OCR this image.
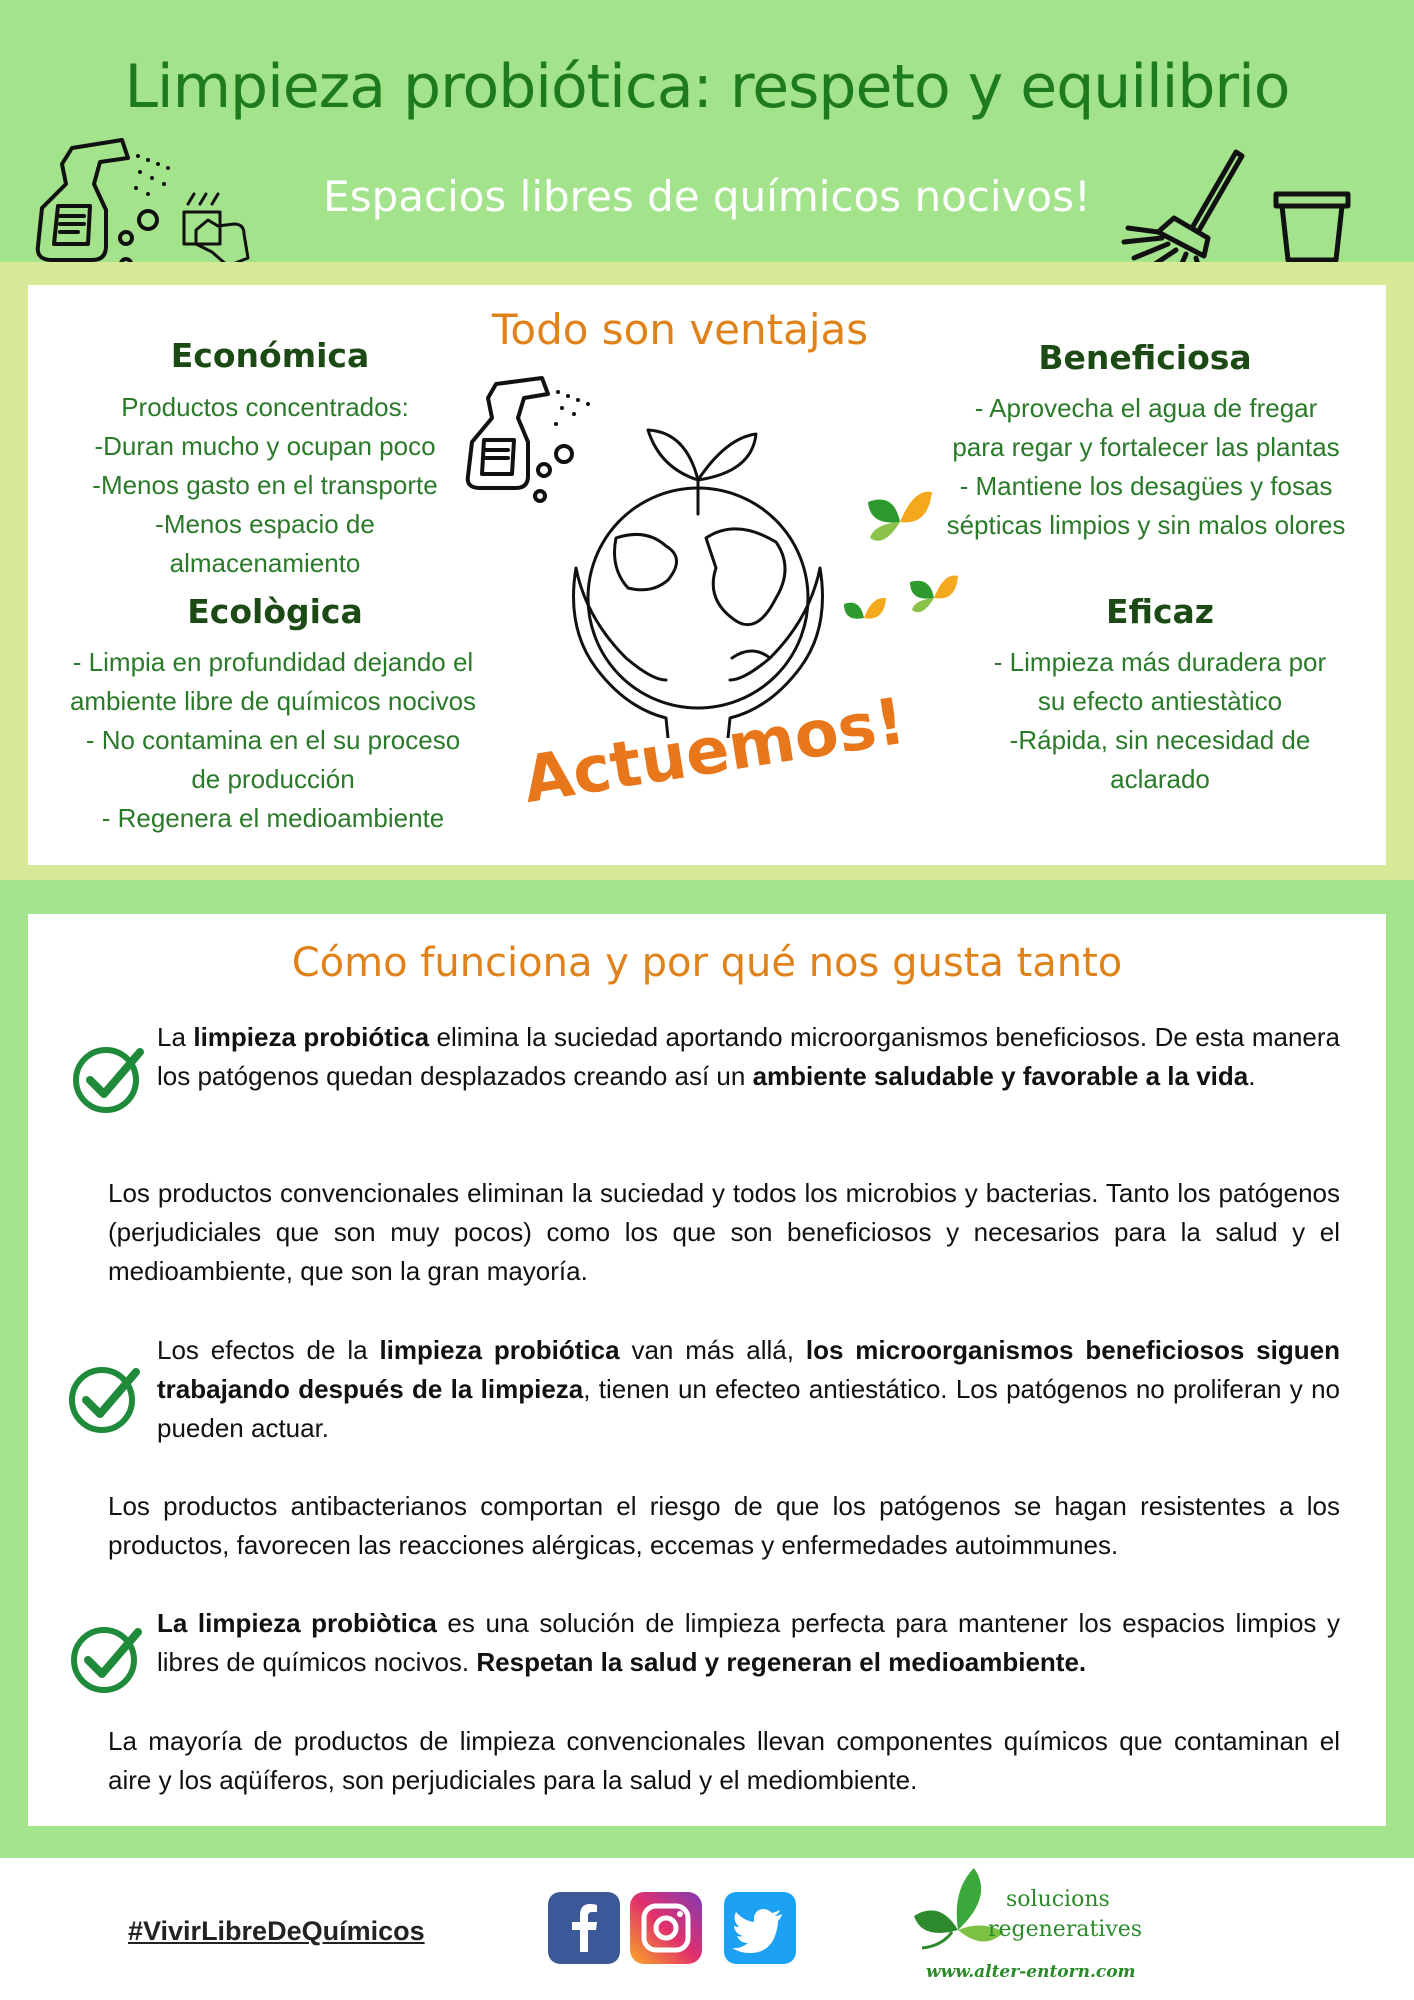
Limpieza probiótica: respeto y equilibrio
Espacios libres de químicos nocivos!
Todo son ventajas
Económica
Productos concentrados:
-Duran mucho y ocupan poco
-Menos gasto en el transporte
-Menos espacio de
almacenamiento
Ecològica
- Limpia en profundidad dejando el
ambiente libre de químicos nocivos
- No contamina en el su proceso
de producción
- Regenera el medioambiente
Beneficiosa
- Aprovecha el agua de fregar
para regar y fortalecer las plantas
- Mantiene los desagües y fosas
sépticas limpios y sin malos olores
Eficaz
- Limpieza más duradera por
su efecto antiestàtico
-Rápida, sin necesidad de
aclarado
Actuemos!
Cómo funciona y por qué nos gusta tanto
La limpieza probiótica elimina la suciedad aportando microorganismos beneficiosos. De esta manera los patógenos quedan desplazados creando así un ambiente saludable y favorable a la vida.
Los productos convencionales eliminan la suciedad y todos los microbios y bacterias. Tanto los patógenos (perjudiciales que son muy pocos) como los que son beneficiosos y necesarios para la salud y el medioambiente, que son la gran mayoría.
Los efectos de la limpieza probiótica van más allá, los microorganismos beneficiosos siguen trabajando después de la limpieza, tienen un efecteo antiestático. Los patógenos no proliferan y no pueden actuar.
Los productos antibacterianos comportan el riesgo de que los patógenos se hagan resistentes a los productos, favorecen las reacciones alérgicas, eccemas y enfermedades autoimmunes.
La limpieza probiòtica es una solución de limpieza perfecta para mantener los espacios limpios y libres de químicos nocivos. Respetan la salud y regeneran el medioambiente.
La mayoría de productos de limpieza convencionales llevan componentes químicos que contaminan el aire y los aqüíferos, son perjudiciales para la salud y el mediombiente.
#VivirLibreDeQuímicos
solucions
regeneratives
www.alter-entorn.com
